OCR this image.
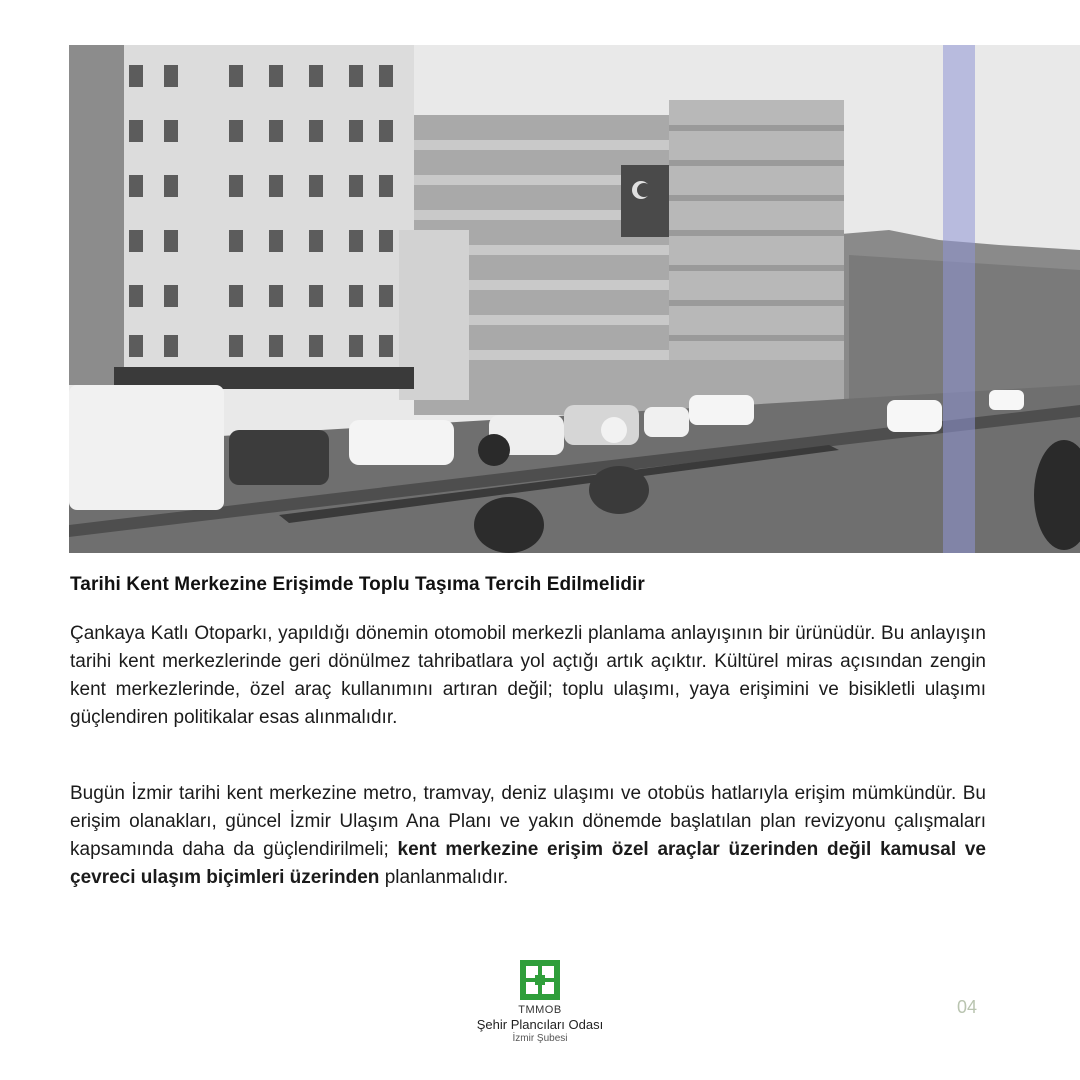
Tarihi Kent Merkezine Erişimde Toplu Taşıma Tercih Edilmelidir
Çankaya Katlı Otoparkı, yapıldığı dönemin otomobil merkezli planlama anlayışının bir ürünüdür. Bu anlayışın tarihi kent merkezlerinde geri dönülmez tahribatlara yol açtığı artık açıktır. Kültürel miras açısından zengin kent merkezlerinde, özel araç kullanımını artıran değil; toplu ulaşımı, yaya erişimini ve bisikletli ulaşımı güçlendiren politikalar esas alınmalıdır.
Bugün İzmir tarihi kent merkezine metro, tramvay, deniz ulaşımı ve otobüs hatlarıyla erişim mümkündür. Bu erişim olanakları, güncel İzmir Ulaşım Ana Planı ve yakın dönemde başlatılan plan revizyonu çalışmaları kapsamında daha da güçlendirilmeli; kent merkezine erişim özel araçlar üzerinden değil kamusal ve çevreci ulaşım biçimleri üzerinden planlanmalıdır.
TMMOB
Şehir Plancıları Odası
İzmir Şubesi
04
